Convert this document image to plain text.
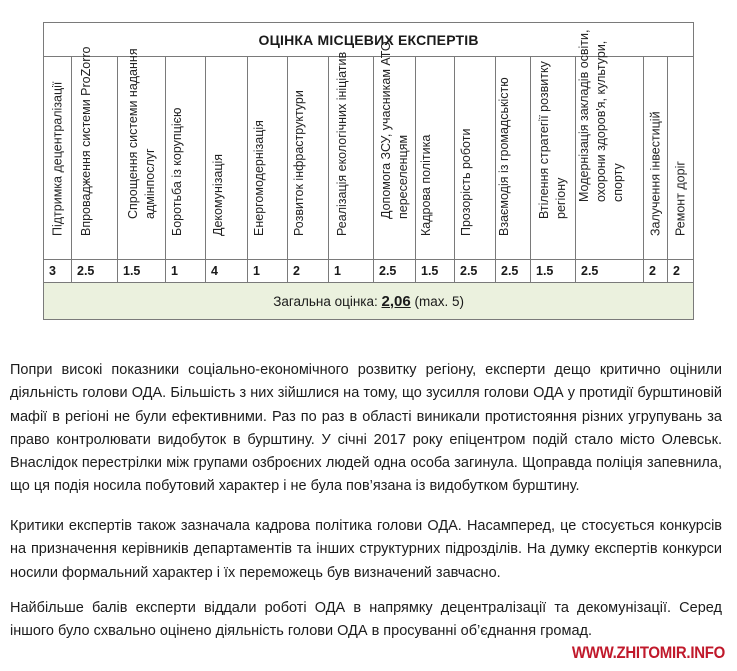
ОЦІНКА МІСЦЕВИХ ЕКСПЕРТІВ															

Підтримка децентралізації	Впровадження системи ProZorro	Спрощення системи надання адмінпослуг	Боротьба із корупцією	Декомунізація	Енергомодернізація	Розвиток інфраструктури	Реалізація екологічних ініціатив	Допомога ЗСУ, учасникам АТО, переселенцям	Кадрова політика	Прозорість роботи	Взаємодія із громадськістю	Втілення стратегії розвитку регіону	Модернізація закладів освіти, охорони здоров'я, культури, спорту	Залучення інвестицій	Ремонт доріг

3	2.5	1.5	1	4	1	2	1	2.5	1.5	2.5	2.5	1.5	2.5	2	2
Загальна оцінка: 2,06 (max. 5)															

Попри високі показники соціально-економічного розвитку регіону, експерти дещо критично оцінили діяльність голови ОДА. Більшість з них зійшлися на тому, що зусилля голови ОДА у протидії бурштиновій мафії в регіоні не були ефективними. Раз по раз в області виникали протистояння різних угрупувань за право контролювати видобуток в бурштину. У січні 2017 року епіцентром подій стало місто Олевськ. Внаслідок перестрілки між групами озброєних людей одна особа загинула. Щоправда поліція запевнила, що ця подія носила побутовий характер і не була пов’язана із видобутком бурштину.

Критики експертів також зазначала кадрова політика голови ОДА. Насамперед, це стосується конкурсів на призначення керівників департаментів та інших структурних підрозділів. На думку експертів конкурси носили формальний характер і їх переможець був визначений завчасно.

Найбільше балів експерти віддали роботі ОДА в напрямку децентралізації та декомунізації. Серед іншого було схвально оцінено діяльність голови ОДА в просуванні об’єднання громад.

WWW.ZHITOMIR.INFO
